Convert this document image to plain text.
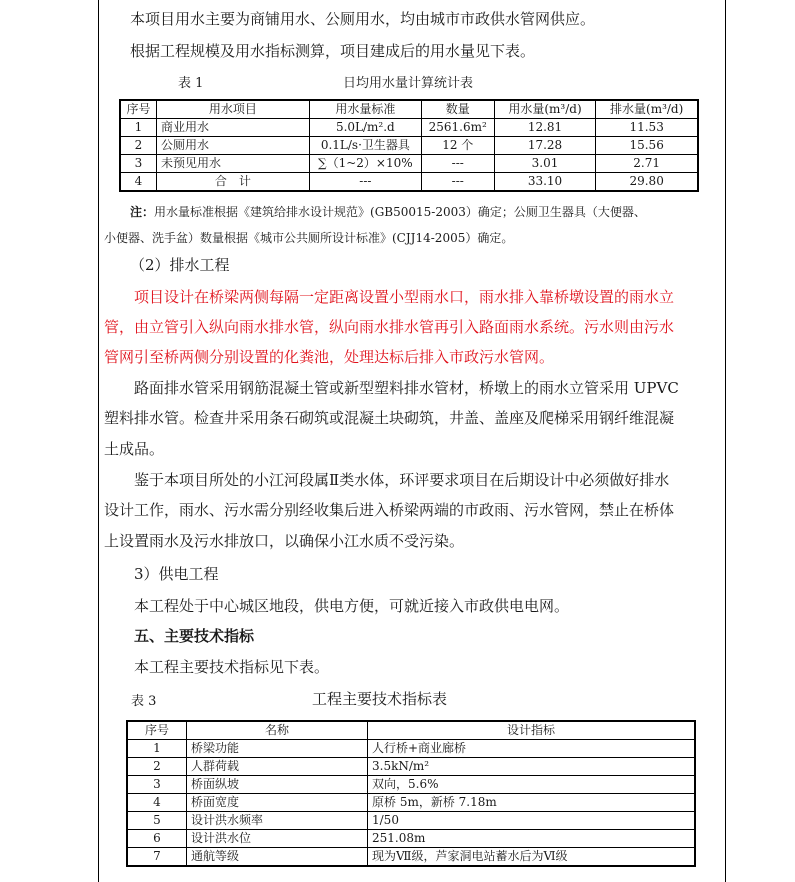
本项目用水主要为商铺用水、公厕用水，均由城市市政供水管网供应。
根据工程规模及用水指标测算，项目建成后的用水量见下表。
表 1	日均用水量计算统计表
序号	用水项目	用水量标准	数量	用水量(m³/d)	排水量(m³/d)
1	商业用水	5.0L/m².d	2561.6m²	12.81	11.53
2	公厕用水	0.1L/s·卫生器具	12 个	17.28	15.56
3	未预见用水	∑（1~2）×10%	---	3.01	2.71
4	合　计	---	---	33.10	29.80
注：用水量标准根据《建筑给排水设计规范》(GB50015-2003）确定；公厕卫生器具（大便器、
小便器、洗手盆）数量根据《城市公共厕所设计标准》(CJJ14-2005）确定。
（2）排水工程
项目设计在桥梁两侧每隔一定距离设置小型雨水口，雨水排入靠桥墩设置的雨水立
管，由立管引入纵向雨水排水管，纵向雨水排水管再引入路面雨水系统。污水则由污水
管网引至桥两侧分别设置的化粪池，处理达标后排入市政污水管网。
路面排水管采用钢筋混凝土管或新型塑料排水管材，桥墩上的雨水立管采用 UPVC
塑料排水管。检查井采用条石砌筑或混凝土块砌筑，井盖、盖座及爬梯采用钢纤维混凝
土成品。
鉴于本项目所处的小江河段属Ⅱ类水体，环评要求项目在后期设计中必须做好排水
设计工作，雨水、污水需分别经收集后进入桥梁两端的市政雨、污水管网，禁止在桥体
上设置雨水及污水排放口，以确保小江水质不受污染。
3）供电工程
本工程处于中心城区地段，供电方便，可就近接入市政供电电网。
五、主要技术指标
本工程主要技术指标见下表。
表 3	工程主要技术指标表
序号	名称	设计指标
1	桥梁功能	人行桥+商业廊桥
2	人群荷载	3.5kN/m²
3	桥面纵坡	双向，5.6%
4	桥面宽度	原桥 5m，新桥 7.18m
5	设计洪水频率	1/50
6	设计洪水位	251.08m
7	通航等级	现为Ⅶ级，芦家洞电站蓄水后为Ⅵ级
